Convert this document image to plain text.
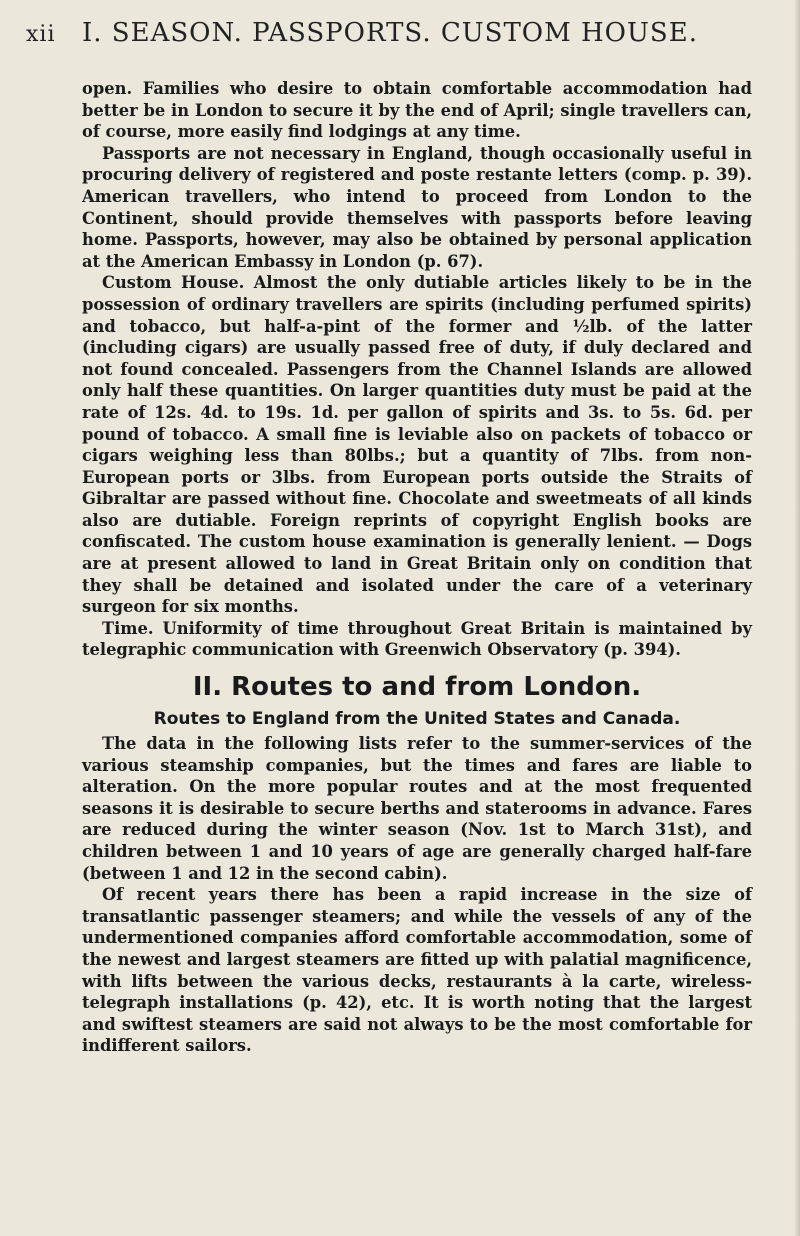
xii I. SEASON. PASSPORTS. CUSTOM HOUSE.

open. Families who desire to obtain comfortable accommodation had better be in London to secure it by the end of April; single travellers can, of course, more easily find lodgings at any time.

Passports are not necessary in England, though occasionally useful in procuring delivery of registered and poste restante letters (comp. p. 39). American travellers, who intend to proceed from London to the Continent, should provide themselves with passports before leaving home. Passports, however, may also be obtained by personal application at the American Embassy in London (p. 67).

Custom House. Almost the only dutiable articles likely to be in the possession of ordinary travellers are spirits (including perfumed spirits) and tobacco, but half-a-pint of the former and ½lb. of the latter (including cigars) are usually passed free of duty, if duly declared and not found concealed. Passengers from the Channel Islands are allowed only half these quantities. On larger quantities duty must be paid at the rate of 12s. 4d. to 19s. 1d. per gallon of spirits and 3s. to 5s. 6d. per pound of tobacco. A small fine is leviable also on packets of tobacco or cigars weighing less than 80lbs.; but a quantity of 7lbs. from non-European ports or 3lbs. from European ports outside the Straits of Gibraltar are passed without fine. Chocolate and sweetmeats of all kinds also are dutiable. Foreign reprints of copyright English books are confiscated. The custom house examination is generally lenient. — Dogs are at present allowed to land in Great Britain only on condition that they shall be detained and isolated under the care of a veterinary surgeon for six months.

Time. Uniformity of time throughout Great Britain is maintained by telegraphic communication with Greenwich Observatory (p. 394).

II. Routes to and from London.
Routes to England from the United States and Canada.

The data in the following lists refer to the summer-services of the various steamship companies, but the times and fares are liable to alteration. On the more popular routes and at the most frequented seasons it is desirable to secure berths and staterooms in advance. Fares are reduced during the winter season (Nov. 1st to March 31st), and children between 1 and 10 years of age are generally charged half-fare (between 1 and 12 in the second cabin).

Of recent years there has been a rapid increase in the size of transatlantic passenger steamers; and while the vessels of any of the undermentioned companies afford comfortable accommodation, some of the newest and largest steamers are fitted up with palatial magnificence, with lifts between the various decks, restaurants à la carte, wireless-telegraph installations (p. 42), etc. It is worth noting that the largest and swiftest steamers are said not always to be the most comfortable for indifferent sailors.
